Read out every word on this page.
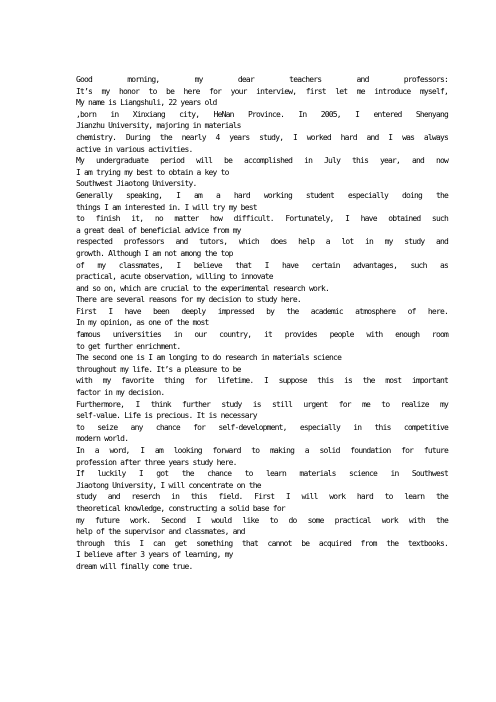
Good morning, my dear teachers and professors:
It’s my honor to be here for your interview, first let me introduce myself,
My name is Liangshuli, 22 years old
,born in Xinxiang city, HeNan Province. In 2005, I entered Shenyang
Jianzhu University, majoring in materials
chemistry. During the nearly 4 years study, I worked hard and I was always
active in various activities.
My undergraduate period will be accomplished in July this year, and now
I am trying my best to obtain a key to
Southwest Jiaotong University.
Generally speaking, I am a hard working student especially doing the
things I am interested in. I will try my best
to finish it, no matter how difficult. Fortunately, I have obtained such
a great deal of beneficial advice from my
respected professors and tutors, which does help a lot in my study and
growth. Although I am not among the top
of my classmates, I believe that I have certain advantages, such as
practical, acute observation, willing to innovate
and so on, which are crucial to the experimental research work.
There are several reasons for my decision to study here.
First I have been deeply impressed by the academic atmosphere of here.
In my opinion, as one of the most
famous universities in our country, it provides people with enough room
to get further enrichment.
The second one is I am longing to do research in materials science
throughout my life. It’s a pleasure to be
with my favorite thing for lifetime. I suppose this is the most important
factor in my decision.
Furthermore, I think further study is still urgent for me to realize my
self-value. Life is precious. It is necessary
to seize any chance for self-development, especially in this competitive
modern world.
In a word, I am looking forward to making a solid foundation for future
profession after three years study here.
If luckily I got the chance to learn materials science in Southwest
Jiaotong University, I will concentrate on the
study and reserch in this field. First I will work hard to learn the
theoretical knowledge, constructing a solid base for
my future work. Second I would like to do some practical work with the
help of the supervisor and classmates, and
through this I can get something that cannot be acquired from the textbooks.
I believe after 3 years of learning, my
dream will finally come true.
